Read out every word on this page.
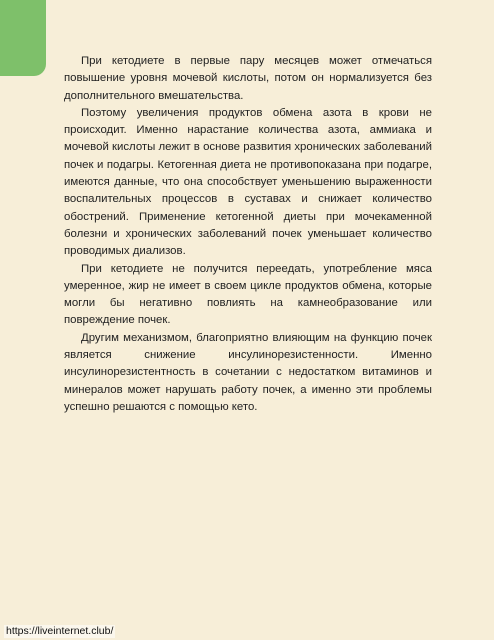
При кетодиете в первые пару месяцев может отмечаться повышение уровня мочевой кислоты, потом он нормализуется без дополнительного вмешательства.

Поэтому увеличения продуктов обмена азота в крови не происходит. Именно нарастание количества азота, аммиака и мочевой кислоты лежит в основе развития хронических заболеваний почек и подагры. Кетогенная диета не противопоказана при подагре, имеются данные, что она способствует уменьшению выраженности воспалительных процессов в суставах и снижает количество обострений. Применение кетогенной диеты при мочекаменной болезни и хронических заболеваний почек уменьшает количество проводимых диализов.

При кетодиете не получится переедать, употребление мяса умеренное, жир не имеет в своем цикле продуктов обмена, которые могли бы негативно повлиять на камнеобразование или повреждение почек.

Другим механизмом, благоприятно влияющим на функцию почек является снижение инсулинорезистенности. Именно инсулинорезистентность в сочетании с недостатком витаминов и минералов может нарушать работу почек, а именно эти проблемы успешно решаются с помощью кето.

https://liveinternet.club/
